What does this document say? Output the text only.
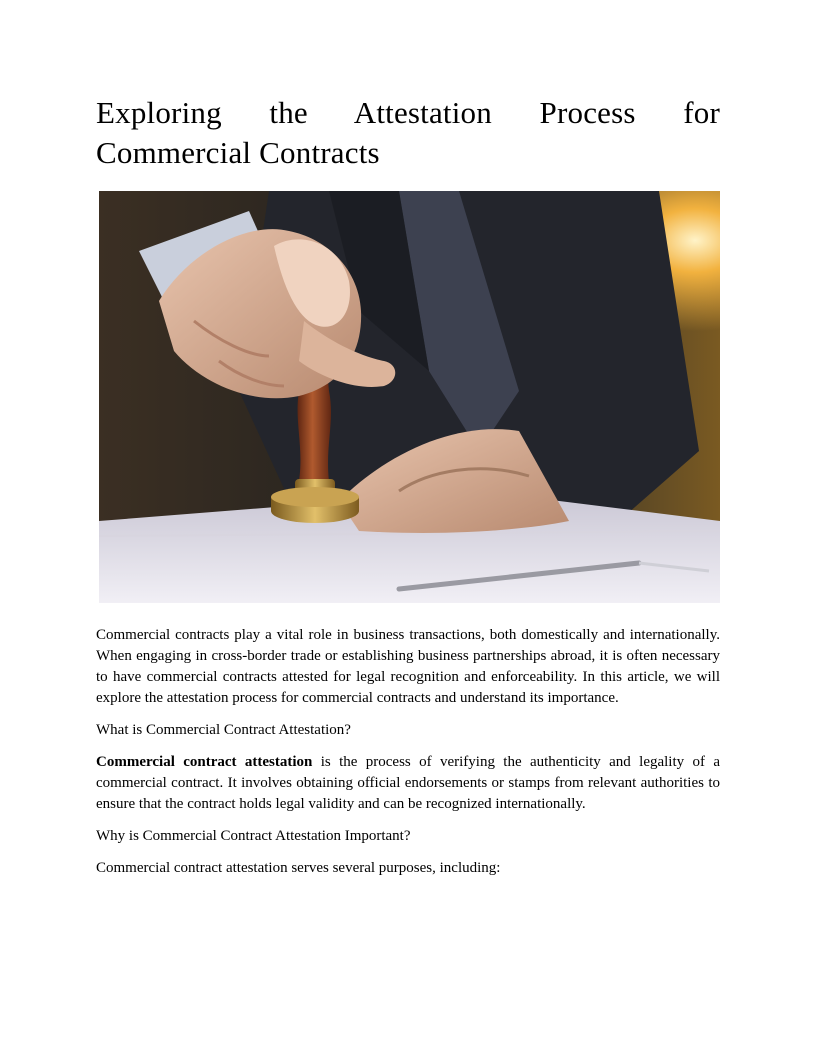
Exploring the Attestation Process for Commercial Contracts

Commercial contracts play a vital role in business transactions, both domestically and internationally. When engaging in cross-border trade or establishing business partnerships abroad, it is often necessary to have commercial contracts attested for legal recognition and enforceability. In this article, we will explore the attestation process for commercial contracts and understand its importance.

What is Commercial Contract Attestation?

Commercial contract attestation is the process of verifying the authenticity and legality of a commercial contract. It involves obtaining official endorsements or stamps from relevant authorities to ensure that the contract holds legal validity and can be recognized internationally.

Why is Commercial Contract Attestation Important?

Commercial contract attestation serves several purposes, including:
